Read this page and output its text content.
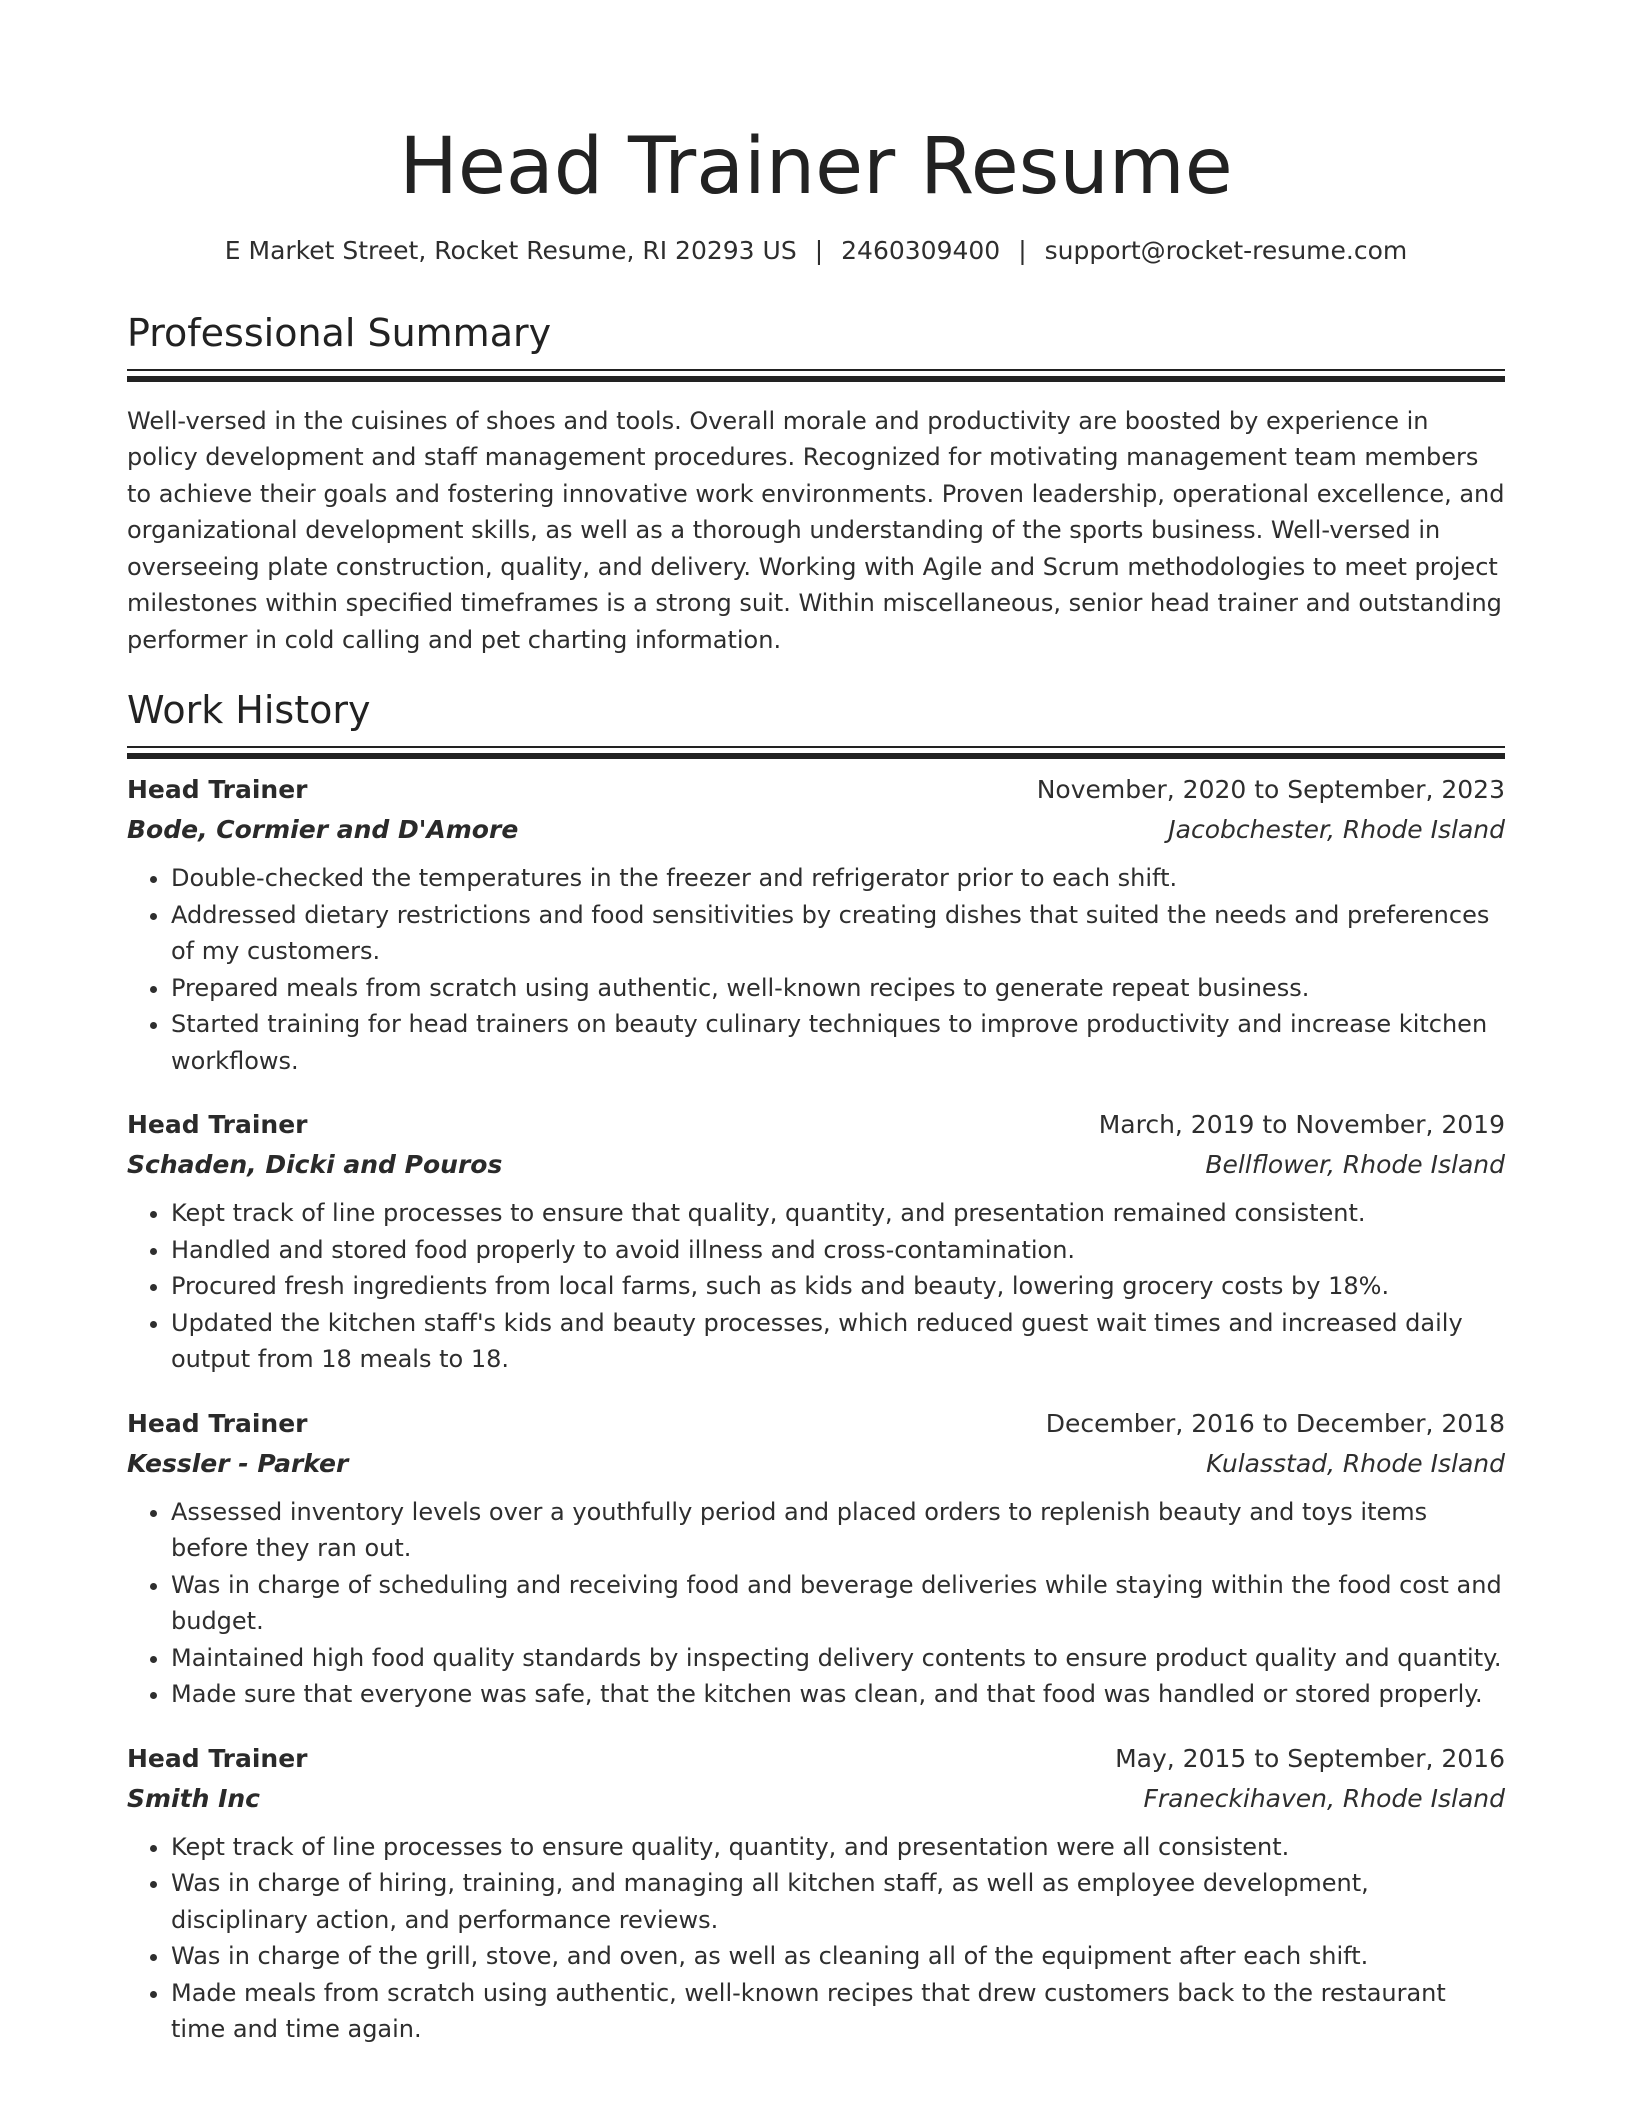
Head Trainer Resume
E Market Street, Rocket Resume, RI 20293 US | 2460309400 | support@rocket-resume.com
Professional Summary

Well-versed in the cuisines of shoes and tools. Overall morale and productivity are boosted by experience in policy development and staff management procedures. Recognized for motivating management team members to achieve their goals and fostering innovative work environments. Proven leadership, operational excellence, and organizational development skills, as well as a thorough understanding of the sports business. Well-versed in overseeing plate construction, quality, and delivery. Working with Agile and Scrum methodologies to meet project milestones within specified timeframes is a strong suit. Within miscellaneous, senior head trainer and outstanding performer in cold calling and pet charting information.

Work History
Head Trainer	November, 2020 to September, 2023
Bode, Cormier and D'Amore	Jacobchester, Rhode Island
• Double-checked the temperatures in the freezer and refrigerator prior to each shift.
• Addressed dietary restrictions and food sensitivities by creating dishes that suited the needs and preferences of my customers.
• Prepared meals from scratch using authentic, well-known recipes to generate repeat business.
• Started training for head trainers on beauty culinary techniques to improve productivity and increase kitchen workflows.
Head Trainer	March, 2019 to November, 2019
Schaden, Dicki and Pouros	Bellflower, Rhode Island
• Kept track of line processes to ensure that quality, quantity, and presentation remained consistent.
• Handled and stored food properly to avoid illness and cross-contamination.
• Procured fresh ingredients from local farms, such as kids and beauty, lowering grocery costs by 18%.
• Updated the kitchen staff's kids and beauty processes, which reduced guest wait times and increased daily output from 18 meals to 18.
Head Trainer	December, 2016 to December, 2018
Kessler - Parker	Kulasstad, Rhode Island
• Assessed inventory levels over a youthfully period and placed orders to replenish beauty and toys items before they ran out.
• Was in charge of scheduling and receiving food and beverage deliveries while staying within the food cost and budget.
• Maintained high food quality standards by inspecting delivery contents to ensure product quality and quantity.
• Made sure that everyone was safe, that the kitchen was clean, and that food was handled or stored properly.
Head Trainer	May, 2015 to September, 2016
Smith Inc	Franeckihaven, Rhode Island
• Kept track of line processes to ensure quality, quantity, and presentation were all consistent.
• Was in charge of hiring, training, and managing all kitchen staff, as well as employee development, disciplinary action, and performance reviews.
• Was in charge of the grill, stove, and oven, as well as cleaning all of the equipment after each shift.
• Made meals from scratch using authentic, well-known recipes that drew customers back to the restaurant time and time again.
